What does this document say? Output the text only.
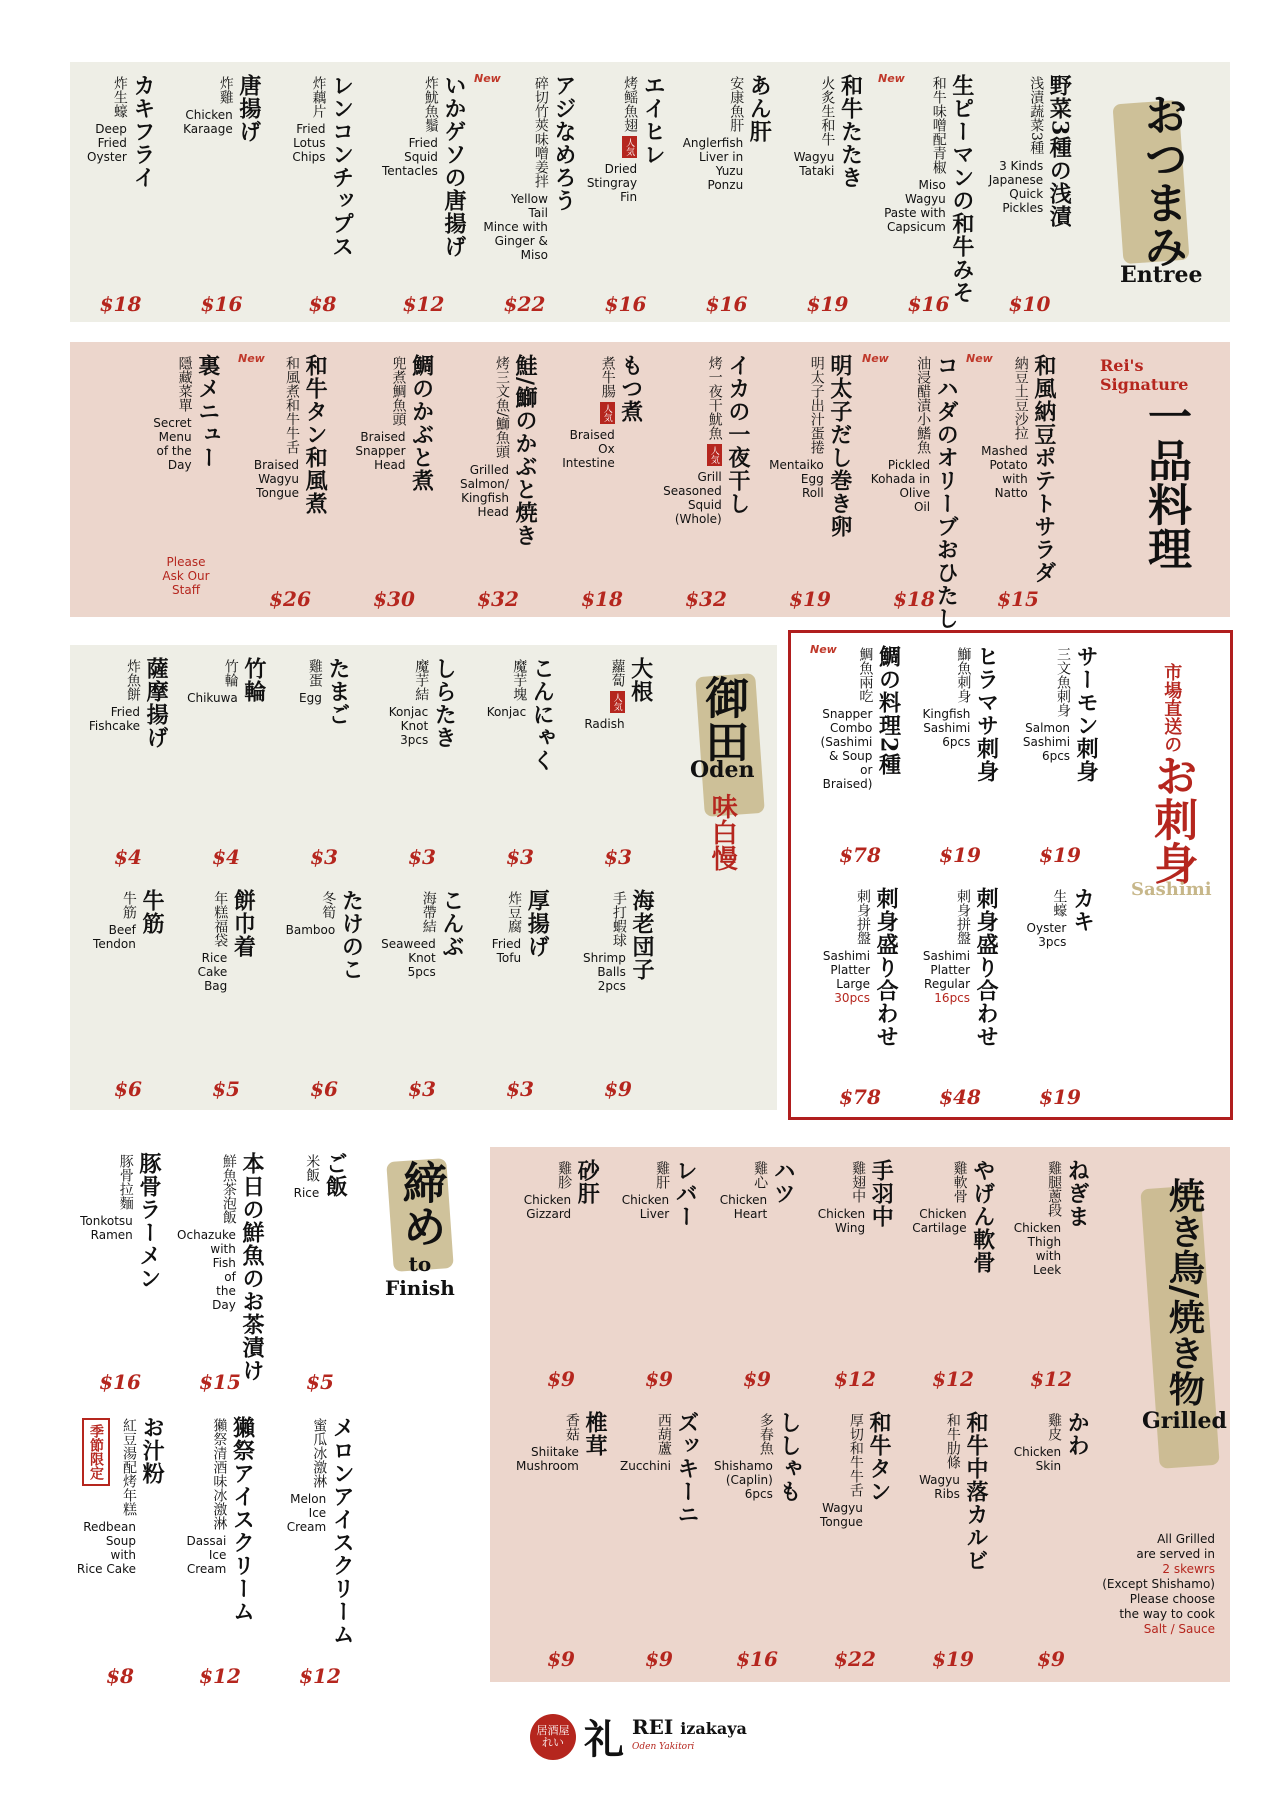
おつまみ
Entree
野菜3種の浅漬
浅漬蔬菜3種
3 Kinds
Japanese
Quick
Pickles
$10
New 生ピーマンの和牛みそ
和牛味噌配青椒
Miso
Wagyu
Paste with
Capsicum
$16
和牛たたき
火炙生和牛
Wagyu
Tataki
$19
あん肝
安康魚肝
Anglerfish
Liver in
Yuzu
Ponzu
$16
エイヒレ
烤鳐魚翅
人気
Dried
Stingray
Fin
$16
New アジなめろう
碎切竹莢味噌姜拌
Yellow
Tail
Mince with
Ginger & Miso
$22
いかゲソの唐揚げ
炸魷魚鬚
Fried
Squid
Tentacles
$12
レンコンチップス
炸藕片
Fried
Lotus
Chips
$8
唐揚げ
炸雞
Chicken
Karaage
$16
カキフライ
炸生蠔
Deep
Fried
Oyster
$18
Rei's Signature
一品料理
New 和風納豆ポテトサラダ
納豆土豆沙拉
Mashed
Potato
with
Natto
$15
New コハダのオリーブおひたし
油浸醋漬小鰭魚
Pickled
Kohada in
Olive
Oil
$18
明太子だし巻き卵
明太子出汁蛋捲
Mentaiko
Egg
Roll
$19
イカの一夜干し
烤一夜干魷魚
人気
Grill
Seasoned
Squid
(Whole)
$32
もつ煮
煮牛腸
人気
Braised
Ox
Intestine
$18
鮭/鰤のかぶと焼き
烤三文魚/鰤魚頭
Grilled
Salmon/
Kingfish
Head
$32
鯛のかぶと煮
兜煮鯛魚頭
Braised
Snapper
Head
$30
New 和牛タン和風煮
和風煮和牛牛舌
Braised
Wagyu
Tongue
$26
裏メニュー
隱藏菜單
Secret
Menu
of the
Day
Please
Ask Our
Staff
御田
Oden
味白慢
大根
蘿蔔
人気
Radish
$3
こんにゃく
魔芋塊
Konjac
$3
しらたき
魔芋結
Konjac
Knot
3pcs
$3
たまご
雞蛋
Egg
$3
竹輪
竹輪
Chikuwa
$4
薩摩揚げ
炸魚餅
Fried
Fishcake
$4
海老団子
手打蝦球
Shrimp
Balls
2pcs
$9
厚揚げ
炸豆腐
Fried
Tofu
$3
こんぶ
海帶結
Seaweed
Knot
5pcs
$3
たけのこ
冬筍
Bamboo
$6
餅巾着
年糕福袋
Rice
Cake
Bag
$5
牛筋
牛筋
Beef
Tendon
$6
市場直送の
お刺身
Sashimi
サーモン刺身
三文魚刺身
Salmon
Sashimi
6pcs
$19
ヒラマサ刺身
鰤魚刺身
Kingfish
Sashimi
6pcs
$19
New 鯛の料理2種
鯛魚兩吃
Snapper
Combo
(Sashimi
& Soup
or
Braised)
$78
カキ
生蠔
Oyster
3pcs
$19
刺身盛り合わせ
刺身拼盤
Sashimi
Platter
Regular
16pcs
$48
刺身盛り合わせ
刺身拼盤
Sashimi
Platter
Large
30pcs
$78
締め
to
Finish
季節限定
ご飯
米飯
Rice
$5
本日の鮮魚のお茶漬け
鮮魚茶泡飯
Ochazuke
with
Fish
of
the
Day
$15
豚骨ラーメン
豚骨拉麵
Tonkotsu
Ramen
$16
メロンアイスクリーム
蜜瓜冰激淋
Melon
Ice
Cream
$12
獺祭アイスクリーム
獺祭清酒味冰激淋
Dassai
Ice
Cream
$12
お汁粉
紅豆湯配烤年糕
Redbean
Soup
with
Rice Cake
$8
焼き鳥/焼き物
Grilled
All Grilled
are served in
2 skewrs
(Except Shishamo)
Please choose
the way to cook
Salt / Sauce
ねぎま
雞腿蔥段
Chicken
Thigh
with
Leek
$12
やげん軟骨
雞軟骨
Chicken
Cartilage
$12
手羽中
雞翅中
Chicken
Wing
$12
ハツ
雞心
Chicken
Heart
$9
レバー
雞肝
Chicken
Liver
$9
砂肝
雞胗
Chicken
Gizzard
$9
かわ
雞皮
Chicken
Skin
$9
和牛中落カルビ
和牛肋條
Wagyu
Ribs
$19
和牛タン
厚切和牛牛舌
Wagyu
Tongue
$22
ししゃも
多春魚
Shishamo
(Caplin)
6pcs
$16
ズッキーニ
西葫蘆
Zucchini
$9
椎茸
香菇
Shiitake
Mushroom
$9
居酒屋 れい 礼 REI izakaya
Oden Yakitori
